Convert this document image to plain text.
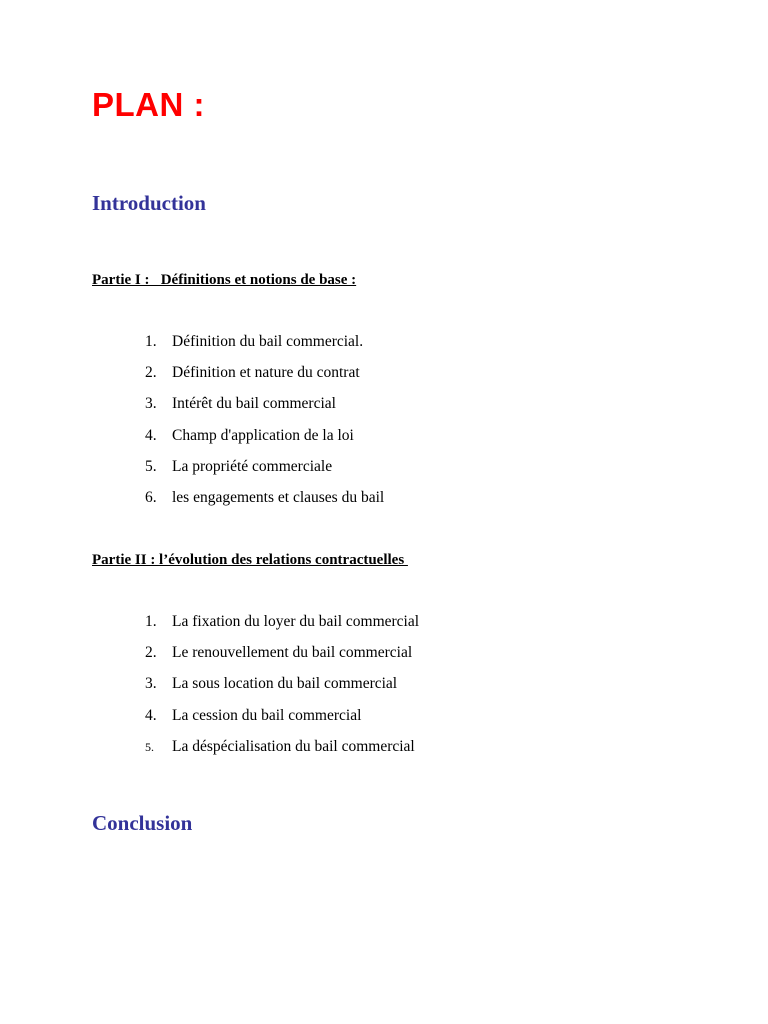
PLAN :
Introduction

Partie I :   Définitions et notions de base :

1. Définition du bail commercial.
2. Définition et nature du contrat
3. Intérêt du bail commercial
4. Champ d'application de la loi
5. La propriété commerciale
6. les engagements et clauses du bail

Partie II : l’évolution des relations contractuelles

1. La fixation du loyer du bail commercial
2. Le renouvellement du bail commercial
3. La sous location du bail commercial
4. La cession du bail commercial
5.	La déspécialisation du bail commercial
Conclusion
